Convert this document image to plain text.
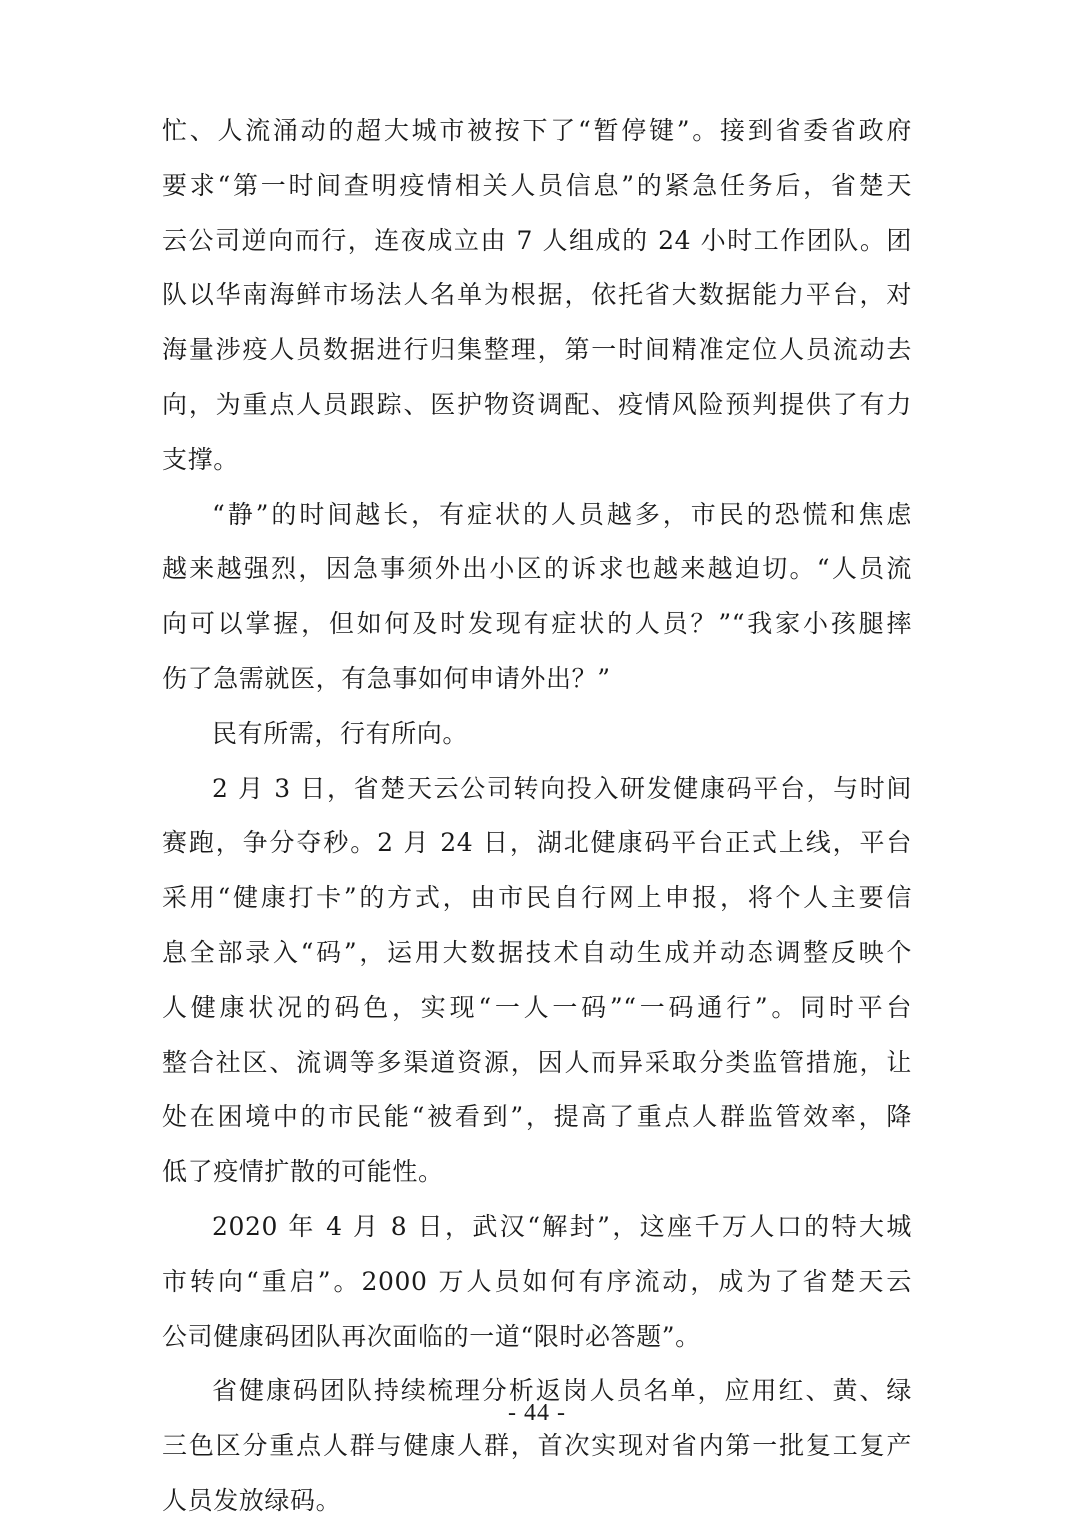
忙、人流涌动的超大城市被按下了“暂停键”。接到省委省政府
要求“第一时间查明疫情相关人员信息”的紧急任务后，省楚天
云公司逆向而行，连夜成立由 7 人组成的 24 小时工作团队。团
队以华南海鲜市场法人名单为根据，依托省大数据能力平台，对
海量涉疫人员数据进行归集整理，第一时间精准定位人员流动去
向，为重点人员跟踪、医护物资调配、疫情风险预判提供了有力
支撑。
“静”的时间越长，有症状的人员越多，市民的恐慌和焦虑
越来越强烈，因急事须外出小区的诉求也越来越迫切。“人员流
向可以掌握，但如何及时发现有症状的人员？”“我家小孩腿摔
伤了急需就医，有急事如何申请外出？”
民有所需，行有所向。
2 月 3 日，省楚天云公司转向投入研发健康码平台，与时间
赛跑，争分夺秒。2 月 24 日，湖北健康码平台正式上线，平台
采用“健康打卡”的方式，由市民自行网上申报，将个人主要信
息全部录入“码”，运用大数据技术自动生成并动态调整反映个
人健康状况的码色，实现“一人一码”“一码通行”。同时平台
整合社区、流调等多渠道资源，因人而异采取分类监管措施，让
处在困境中的市民能“被看到”，提高了重点人群监管效率，降
低了疫情扩散的可能性。
2020 年 4 月 8 日，武汉“解封”，这座千万人口的特大城
市转向“重启”。2000 万人员如何有序流动，成为了省楚天云
公司健康码团队再次面临的一道“限时必答题”。
省健康码团队持续梳理分析返岗人员名单，应用红、黄、绿
三色区分重点人群与健康人群，首次实现对省内第一批复工复产
人员发放绿码。
- 44 -
